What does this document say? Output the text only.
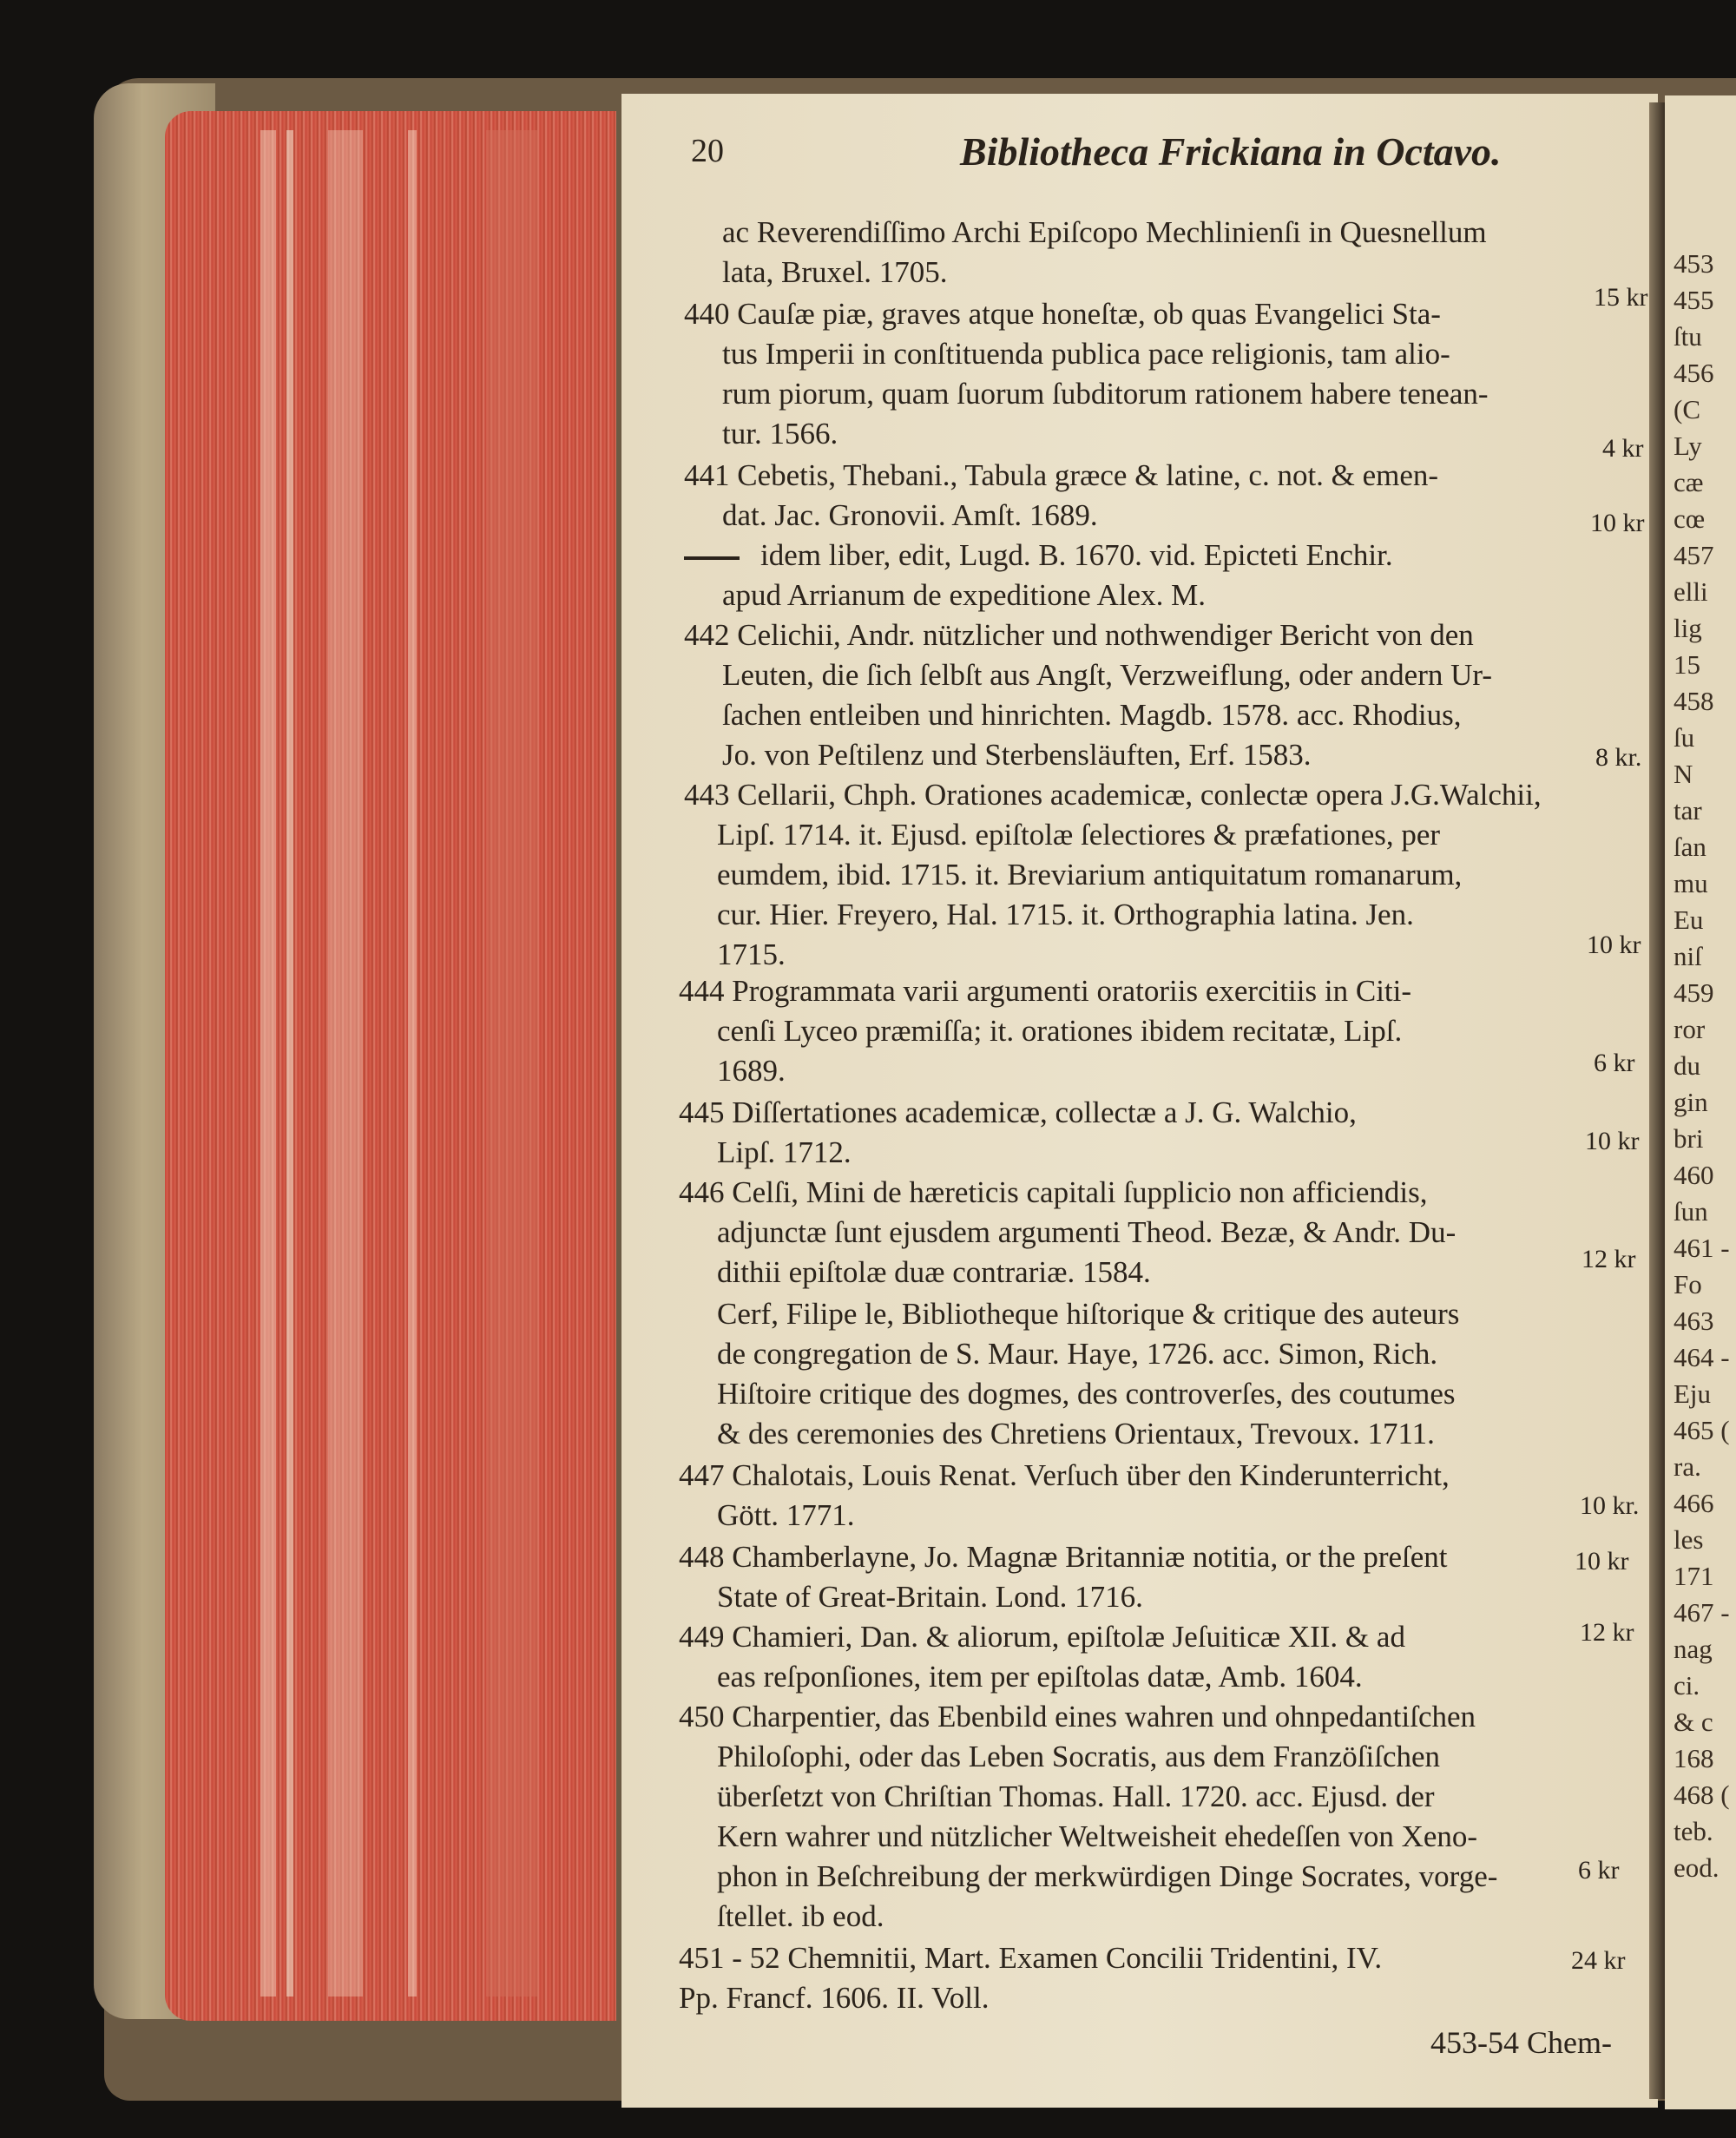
453
455
ſtu
456
(C
Ly
cæ
cœ
457
elli
lig
15
458
ſu
N
tar
ſan
mu
Eu
niſ
459
ror
du
gin
bri
460
ſun
461 -
Fo
463
464 -
Eju
465 (
ra.
466
les
171
467 -
nag
ci.
& c
168
468 (
teb.
eod.
20	Bibliotheca Frickiana in Octavo.
ac Reverendiſſimo Archi Epiſcopo Mechlinienſi in Quesnellum
lata, Bruxel. 1705.
440 Cauſæ piæ, graves atque honeſtæ, ob quas Evangelici Sta-
tus Imperii in conſtituenda publica pace religionis, tam alio-
rum piorum, quam ſuorum ſubditorum rationem habere tenean-
tur. 1566.
441 Cebetis, Thebani., Tabula græce & latine, c. not. & emen-
dat. Jac. Gronovii. Amſt. 1689.
idem liber, edit, Lugd. B. 1670. vid. Epicteti Enchir.
apud Arrianum de expeditione Alex. M.
442 Celichii, Andr. nützlicher und nothwendiger Bericht von den
Leuten, die ſich ſelbſt aus Angſt, Verzweiflung, oder andern Ur-
ſachen entleiben und hinrichten. Magdb. 1578. acc. Rhodius,
Jo. von Peſtilenz und Sterbensläuften, Erf. 1583.
443 Cellarii, Chph. Orationes academicæ, conlectæ opera J.G.Walchii,
Lipſ. 1714. it. Ejusd. epiſtolæ ſelectiores & præfationes, per
eumdem, ibid. 1715. it. Breviarium antiquitatum romanarum,
cur. Hier. Freyero, Hal. 1715. it. Orthographia latina. Jen.
1715.
444 Programmata varii argumenti oratoriis exercitiis in Citi-
cenſi Lyceo præmiſſa; it. orationes ibidem recitatæ, Lipſ.
1689.
445 Diſſertationes academicæ, collectæ a J. G. Walchio,
Lipſ. 1712.
446 Celſi, Mini de hæreticis capitali ſupplicio non afficiendis,
adjunctæ ſunt ejusdem argumenti Theod. Bezæ, & Andr. Du-
dithii epiſtolæ duæ contrariæ. 1584.
Cerf, Filipe le, Bibliotheque hiſtorique & critique des auteurs
de congregation de S. Maur. Haye, 1726. acc. Simon, Rich.
Hiſtoire critique des dogmes, des controverſes, des coutumes
& des ceremonies des Chretiens Orientaux, Trevoux. 1711.
447 Chalotais, Louis Renat. Verſuch über den Kinderunterricht,
Gött. 1771.
448 Chamberlayne, Jo. Magnæ Britanniæ notitia, or the preſent
State of Great-Britain. Lond. 1716.
449 Chamieri, Dan. & aliorum, epiſtolæ Jeſuiticæ XII. & ad
eas reſponſiones, item per epiſtolas datæ, Amb. 1604.
450 Charpentier, das Ebenbild eines wahren und ohnpedantiſchen
Philoſophi, oder das Leben Socratis, aus dem Franzöſiſchen
überſetzt von Chriſtian Thomas. Hall. 1720. acc. Ejusd. der
Kern wahrer und nützlicher Weltweisheit ehedeſſen von Xeno-
phon in Beſchreibung der merkwürdigen Dinge Socrates, vorge-
ſtellet. ib eod.
451 - 52 Chemnitii, Mart. Examen Concilii Tridentini, IV.
Pp. Francf. 1606. II. Voll.
15 kr
4 kr
10 kr
8 kr.
10 kr
6 kr
10 kr
12 kr
10 kr.
10 kr
12 kr
6 kr
24 kr
453-54 Chem-
